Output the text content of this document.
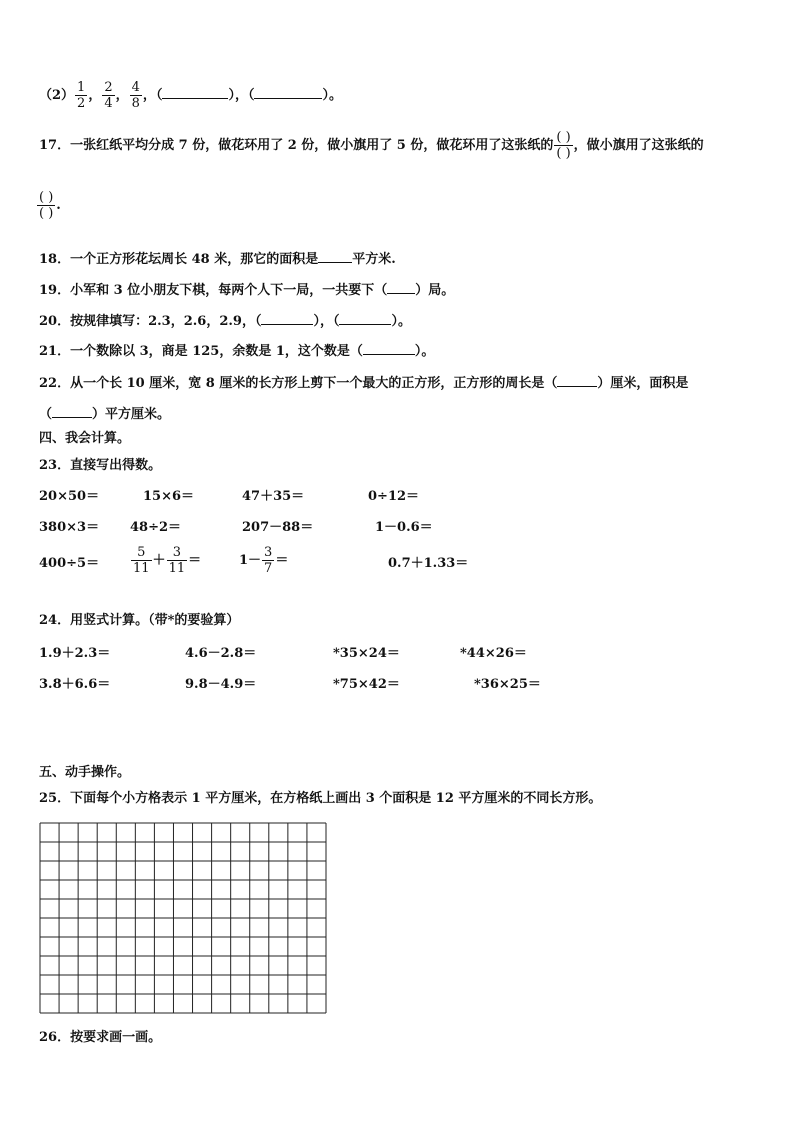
$(2) \frac{1}{2}$ ， $\frac{2}{4}$ ， $\frac{4}{8}$ ，（	），（	）。
17．一张红纸平均分成 7 份，做花环用了 2 份，做小旗用了 5 份，做花环用了这张纸的 $\frac{( )}{( )}$ ，做小旗用了这张纸的
$\frac{( )}{( )}$ .
18．一个正方形花坛周长 48 米，那它的面积是	平方米.
19．小军和 3 位小朋友下棋，每两个人下一局，一共要下（ ）局。
20．按规律填写：2.3，2.6，2.9，（	），（	）。
21．一个数除以 3，商是 125，余数是 1，这个数是（	）。
22．从一个长 10 厘米，宽 8 厘米的长方形上剪下一个最大的正方形，正方形的周长是（	）厘米，面积是
（	）平方厘米。
四、我会计算。
23．直接写出得数。
20×50＝	15×6＝	47＋35＝	0÷12＝
380×3＝ 48÷2＝	207－88＝	1－0.6＝
$400\div 5= \frac{5}{11} + \frac{3}{11}$ ＝	$1- \frac{3}{7}$ ＝	0.7＋1.33＝
24．用竖式计算。（带*的要验算）
1.9＋2.3＝	4.6－2.8＝	*35×24＝	*44×26＝
3.8＋6.6＝	9.8－4.9＝	*75×42＝	*36×25＝
五、动手操作。
25．下面每个小方格表示 1 平方厘米，在方格纸上画出 3 个面积是 12 平方厘米的不同长方形。
26．按要求画一画。
